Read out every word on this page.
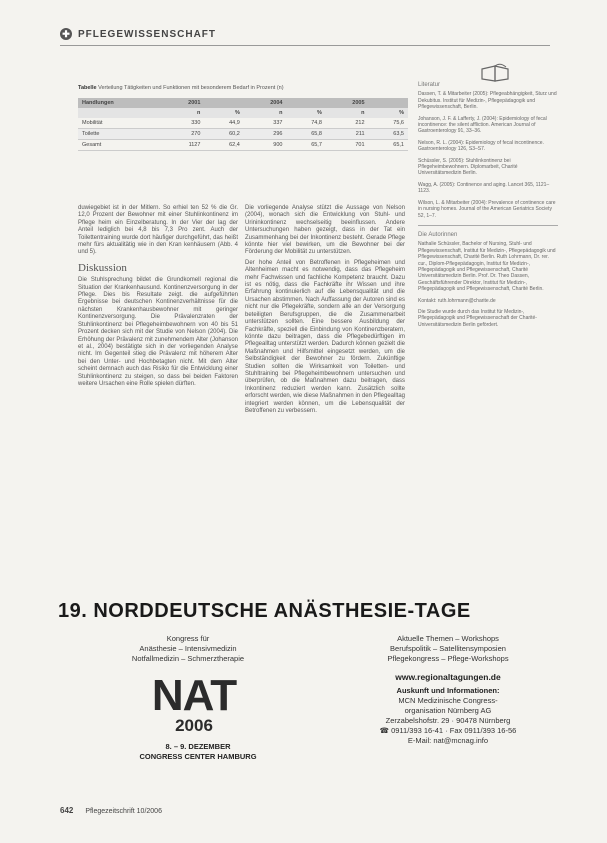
✚ PFLEGEWISSENSCHAFT
Tabelle Verteilung Tätigkeiten und Funktionen mit besonderem Bedarf in Prozent (n)
Handlungen	2001		2004		2005	
	n	%	n	%	n	%
Mobilität	330	44,9	337	74,8	212	75,6
Toilette	270	60,2	296	65,8	211	63,5
Gesamt	1127	62,4	900	65,7	701	65,1

duwiegebiet ist in der Mitlern. So erhiel ten 52 % die Gr. 12,0 Prozent der Bewohner mit einer Stuhlinkontinenz im Pflege heim ein Einzelberatung. In der Vier der lag der Anteil lediglich bei 4,8 bis 7,3 Pro zent. Auch der Toilettentraining wurde dort häufiger durchgeführt, das heißt mehr fürs aktualitätig wie in den Kran kenhäusern (Abb. 4 und 5).

Diskussion

Die Stuhlsprechung bildet die Grundkomell regional die Situation der Krankenhausund. Kontinenzversorgung in der Pflege. Dies bis Resultate zeigt. die aufgeführten Ergebnisse bei deutschen Kontinenzverhältnisse für die nächsten Krankenhausbewohner mit geringer Kontinenzversorgung. Die Prävalenzraten der Stuhlinkontinenz bei Pflegeheimbewohnern von 40 bis 51 Prozent decken sich mit der Studie von Nelson (2004). Die Erhöhung der Prävalenz mit zunehmendem Alter (Johanson et al., 2004) bestätigte sich in der vorliegenden Analyse nicht. Im Gegenteil stieg die Prävalenz mit höherem Alter bei den Unter- und Hochbetagten nicht. Mit dem Alter scheint demnach auch das Risiko für die Entwicklung einer Stuhlinkontinenz zu steigen, so dass bei beiden Faktoren weitere Ursachen eine Rolle spielen dürften.

Die vorliegende Analyse stützt die Aussage von Nelson (2004), wonach sich die Entwicklung von Stuhl- und Urininkontinenz wechselseitig beeinflussen. Andere Untersuchungen haben gezeigt, dass in der Tat ein Zusammenhang bei der Inkontinenz besteht. Gerade Pflege könnte hier viel bewirken, um die Bewohner bei der Förderung der Mobilität zu unterstützen.

Der hohe Anteil von Betroffenen in Pflegeheimen und Altenheimen macht es notwendig, dass das Pflegeheim mehr Fachwissen und fachliche Kompetenz braucht. Dazu ist es nötig, dass die Fachkräfte ihr Wissen und ihre Erfahrung kontinuierlich auf die Lebensqualität und die Ursachen abstimmen. Nach Auffassung der Autoren sind es nicht nur die Pflegekräfte, sondern alle an der Versorgung beteiligten Berufsgruppen, die die Zusammenarbeit unterstützen sollten. Eine bessere Ausbildung der Fachkräfte, speziell die Einbindung von Kontinenzberatern, könnte dazu beitragen, dass die Pflegebedürftigen im Pflegealltag unterstützt werden. Dadurch können gezielt die Maßnahmen und Hilfsmittel eingesetzt werden, um die Selbständigkeit der Bewohner zu fördern. Zukünftige Studien sollten die Wirksamkeit von Toiletten- und Stuhltraining bei Pflegeheimbewohnern untersuchen und überprüfen, ob die Maßnahmen dazu beitragen, dass Inkontinenz reduziert werden kann. Zusätzlich sollte erforscht werden, wie diese Maßnahmen in den Pflegealltag integriert werden können, um die Lebensqualität der Betroffenen zu verbessern.

Literatur
Dassen, T. & Mitarbeiter (2005): Pflegeabhängigkeit, Sturz und Dekubitus. Institut für Medizin-, Pflegepädagogik und Pflegewissenschaft, Berlin.
Johanson, J. F. & Lafferty, J. (2004): Epidemiology of fecal incontinence: the silent affliction. American Journal of Gastroenterology 91, 33–36.
Nelson, R. L. (2004): Epidemiology of fecal incontinence. Gastroenterology 126, S3–S7.
Schüssler, S. (2005): Stuhlinkontinenz bei Pflegeheimbewohnern. Diplomarbeit, Charité Universitätsmedizin Berlin.
Wagg, A. (2005): Continence and aging. Lancet 365, 1121–1123.
Wilson, L. & Mitarbeiter (2004): Prevalence of continence care in nursing homes. Journal of the American Geriatrics Society 52, 1–7.
Die Autorinnen
Nathalie Schüssler, Bachelor of Nursing, Stuhl- und Pflegewissenschaft, Institut für Medizin-, Pflegepädagogik und Pflegewissenschaft, Charité Berlin. Ruth Lohrmann, Dr. rer. cur., Diplom-Pflegepädagogin, Institut für Medizin-, Pflegepädagogik und Pflegewissenschaft, Charité Universitätsmedizin Berlin. Prof. Dr. Theo Dassen, Geschäftsführender Direktor, Institut für Medizin-, Pflegepädagogik und Pflegewissenschaft, Charité Berlin.
Kontakt: ruth.lohrmann@charite.de
Die Studie wurde durch das Institut für Medizin-, Pflegepädagogik und Pflegewissenschaft der Charité-Universitätsmedizin Berlin gefördert.
19. NORDDEUTSCHE ANÄSTHESIE-TAGE
Kongress für
Anästhesie – Intensivmedizin
Notfallmedizin – Schmerztherapie
NAT
2006
8. – 9. DEZEMBER
CONGRESS CENTER HAMBURG
Aktuelle Themen – Workshops
Berufspolitik – Satellitensymposien
Pflegekongress – Pflege-Workshops
www.regionaltagungen.de
Auskunft und Informationen:
MCN Medizinische Congress-
organisation Nürnberg AG
Zerzabelshofstr. 29 · 90478 Nürnberg
☎ 0911/393 16-41 · Fax 0911/393 16-56
E-Mail: nat@mcnag.info
642 Pflegezeitschrift 10/2006
